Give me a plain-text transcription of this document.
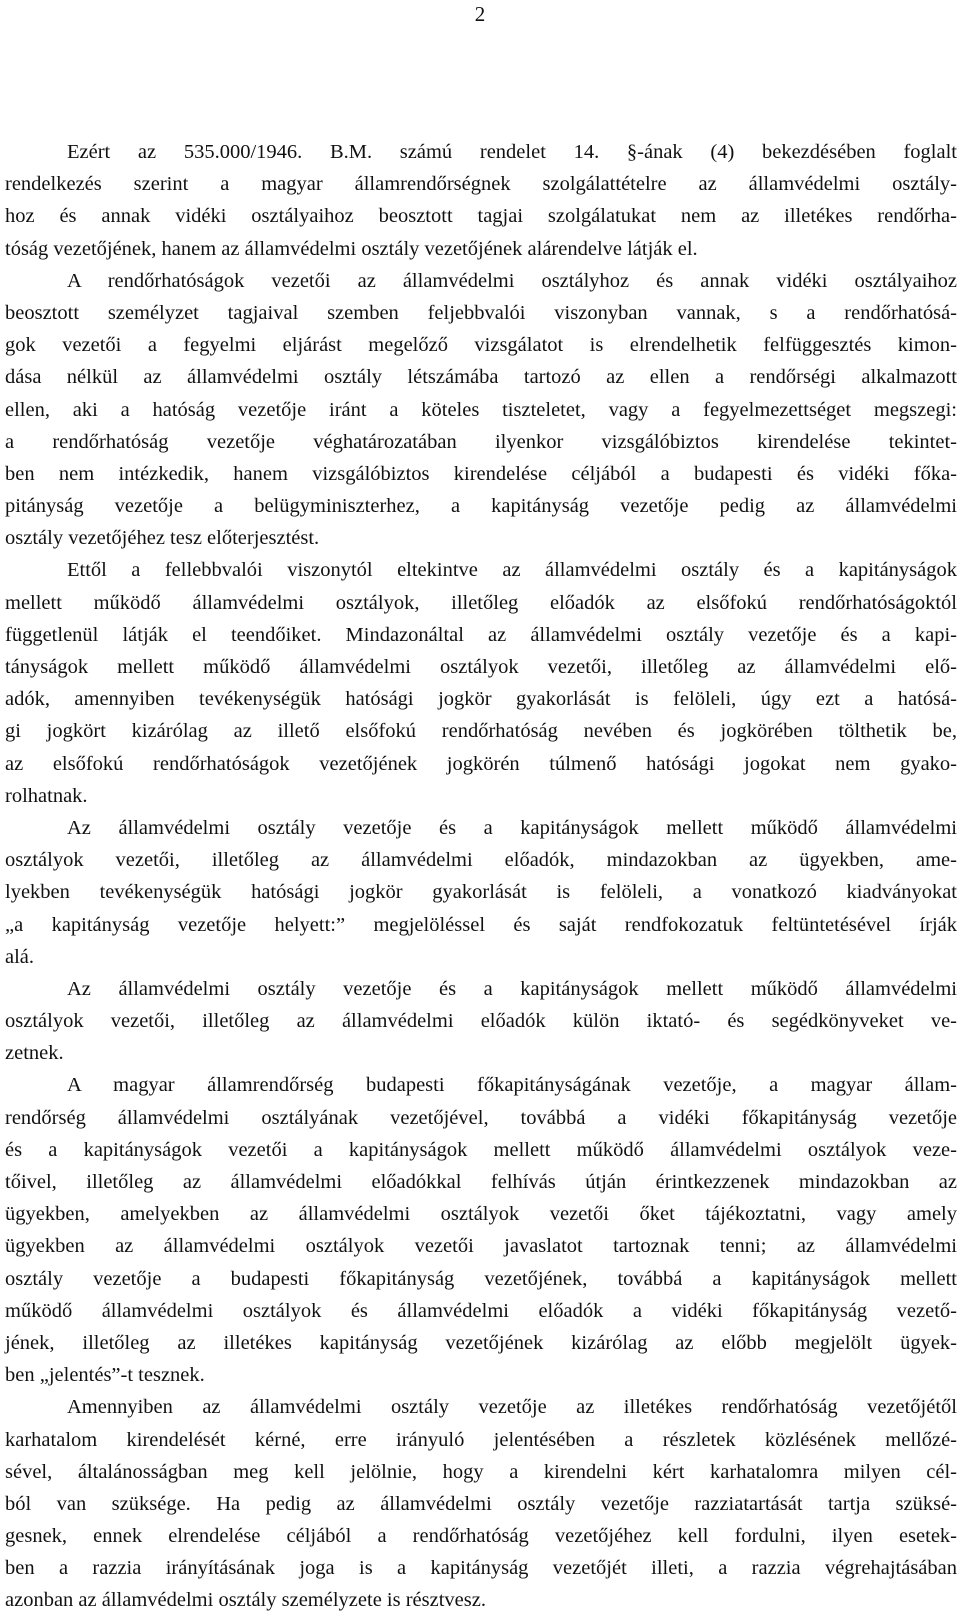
2
Ezért az 535.000/1946. B.M. számú rendelet 14. §-ának (4) bekezdésében foglalt
rendelkezés szerint a magyar államrendőrségnek szolgálattételre az államvédelmi osztály-
hoz és annak vidéki osztályaihoz beosztott tagjai szolgálatukat nem az illetékes rendőrha-
tóság vezetőjének, hanem az államvédelmi osztály vezetőjének alárendelve látják el.
A rendőrhatóságok vezetői az államvédelmi osztályhoz és annak vidéki osztályaihoz
beosztott személyzet tagjaival szemben feljebbvalói viszonyban vannak, s a rendőrhatósá-
gok vezetői a fegyelmi eljárást megelőző vizsgálatot is elrendelhetik felfüggesztés kimon-
dása nélkül az államvédelmi osztály létszámába tartozó az ellen a rendőrségi alkalmazott
ellen, aki a hatóság vezetője iránt a köteles tiszteletet, vagy a fegyelmezettséget megszegi:
a rendőrhatóság vezetője véghatározatában ilyenkor vizsgálóbiztos kirendelése tekintet-
ben nem intézkedik, hanem vizsgálóbiztos kirendelése céljából a budapesti és vidéki főka-
pitányság vezetője a belügyminiszterhez, a kapitányság vezetője pedig az államvédelmi
osztály vezetőjéhez tesz előterjesztést.
Ettől a fellebbvalói viszonytól eltekintve az államvédelmi osztály és a kapitányságok
mellett működő államvédelmi osztályok, illetőleg előadók az elsőfokú rendőrhatóságoktól
függetlenül látják el teendőiket. Mindazonáltal az államvédelmi osztály vezetője és a kapi-
tányságok mellett működő államvédelmi osztályok vezetői, illetőleg az államvédelmi elő-
adók, amennyiben tevékenységük hatósági jogkör gyakorlását is felöleli, úgy ezt a hatósá-
gi jogkört kizárólag az illető elsőfokú rendőrhatóság nevében és jogkörében tölthetik be,
az elsőfokú rendőrhatóságok vezetőjének jogkörén túlmenő hatósági jogokat nem gyako-
rolhatnak.
Az államvédelmi osztály vezetője és a kapitányságok mellett működő államvédelmi
osztályok vezetői, illetőleg az államvédelmi előadók, mindazokban az ügyekben, ame-
lyekben tevékenységük hatósági jogkör gyakorlását is felöleli, a vonatkozó kiadványokat
„a kapitányság vezetője helyett:” megjelöléssel és saját rendfokozatuk feltüntetésével írják
alá.
Az államvédelmi osztály vezetője és a kapitányságok mellett működő államvédelmi
osztályok vezetői, illetőleg az államvédelmi előadók külön iktató- és segédkönyveket ve-
zetnek.
A magyar államrendőrség budapesti főkapitányságának vezetője, a magyar állam-
rendőrség államvédelmi osztályának vezetőjével, továbbá a vidéki főkapitányság vezetője
és a kapitányságok vezetői a kapitányságok mellett működő államvédelmi osztályok veze-
tőivel, illetőleg az államvédelmi előadókkal felhívás útján érintkezzenek mindazokban az
ügyekben, amelyekben az államvédelmi osztályok vezetői őket tájékoztatni, vagy amely
ügyekben az államvédelmi osztályok vezetői javaslatot tartoznak tenni; az államvédelmi
osztály vezetője a budapesti főkapitányság vezetőjének, továbbá a kapitányságok mellett
működő államvédelmi osztályok és államvédelmi előadók a vidéki főkapitányság vezető-
jének, illetőleg az illetékes kapitányság vezetőjének kizárólag az előbb megjelölt ügyek-
ben „jelentés”-t tesznek.
Amennyiben az államvédelmi osztály vezetője az illetékes rendőrhatóság vezetőjétől
karhatalom kirendelését kérné, erre irányuló jelentésében a részletek közlésének mellőzé-
sével, általánosságban meg kell jelölnie, hogy a kirendelni kért karhatalomra milyen cél-
ból van szüksége. Ha pedig az államvédelmi osztály vezetője razziatartását tartja szüksé-
gesnek, ennek elrendelése céljából a rendőrhatóság vezetőjéhez kell fordulni, ilyen esetek-
ben a razzia irányításának joga is a kapitányság vezetőjét illeti, a razzia végrehajtásában
azonban az államvédelmi osztály személyzete is résztvesz.
